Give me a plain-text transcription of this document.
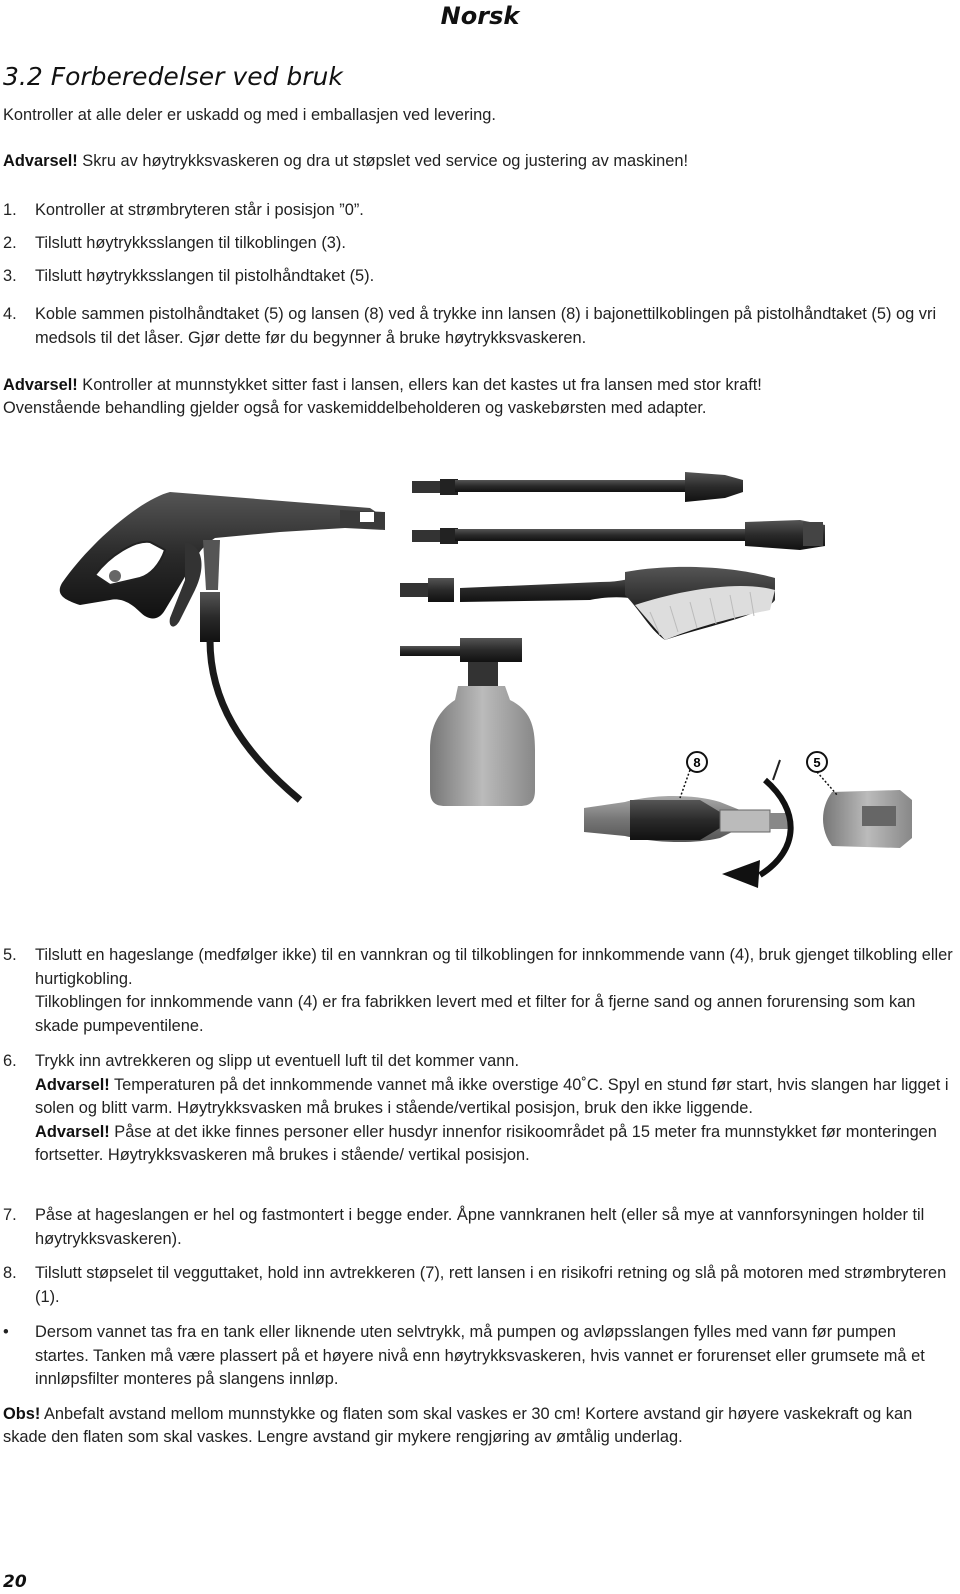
Norsk
3.2 Forberedelser ved bruk

Kontroller at alle deler er uskadd og med i emballasjen ved levering.

Advarsel! Skru av høytrykksvaskeren og dra ut støpslet ved service og justering av maskinen!

1. Kontroller at strømbryteren står i posisjon ”0”.
2. Tilslutt høytrykksslangen til tilkoblingen (3).
3. Tilslutt høytrykksslangen til pistolhåndtaket (5).
4. Koble sammen pistolhåndtaket (5) og lansen (8) ved å trykke inn lansen (8) i bajonettilkoblingen på pistolhåndtaket (5) og vri medsols til det låser. Gjør dette før du begynner å bruke høytrykksvaskeren.

Advarsel! Kontroller at munnstykket sitter fast i lansen, ellers kan det kastes ut fra lansen med stor kraft!
Ovenstående behandling gjelder også for vaskemiddelbeholderen og vaskebørsten med adapter.

8	5
5. Tilslutt en hageslange (medfølger ikke) til en vannkran og til tilkoblingen for innkommende vann (4), bruk gjenget tilkobling eller hurtigkobling.
Tilkoblingen for innkommende vann (4) er fra fabrikken levert med et filter for å fjerne sand og annen forurensing som kan skade pumpeventilene.
6. Trykk inn avtrekkeren og slipp ut eventuell luft til det kommer vann.
Advarsel! Temperaturen på det innkommende vannet må ikke overstige 40˚C. Spyl en stund før start, hvis slangen har ligget i solen og blitt varm. Høytrykksvasken må brukes i stående/vertikal posisjon, bruk den ikke liggende.
Advarsel! Påse at det ikke finnes personer eller husdyr innenfor risikoområdet på 15 meter fra munnstykket før monteringen fortsetter. Høytrykksvaskeren må brukes i stående/ vertikal posisjon.
7. Påse at hageslangen er hel og fastmontert i begge ender. Åpne vannkranen helt (eller så mye at vannforsyningen holder til høytrykksvaskeren).
8. Tilslutt støpselet til vegguttaket, hold inn avtrekkeren (7), rett lansen i en risikofri retning og slå på motoren med strømbryteren (1).
• Dersom vannet tas fra en tank eller liknende uten selvtrykk, må pumpen og avløpsslangen fylles med vann før pumpen startes. Tanken må være plassert på et høyere nivå enn høytrykksvaskeren, hvis vannet er forurenset eller grumsete må et innløpsfilter monteres på slangens innløp.

Obs! Anbefalt avstand mellom munnstykke og flaten som skal vaskes er 30 cm! Kortere avstand gir høyere vaskekraft og kan skade den flaten som skal vaskes. Lengre avstand gir mykere rengjøring av ømtålig underlag.

20
